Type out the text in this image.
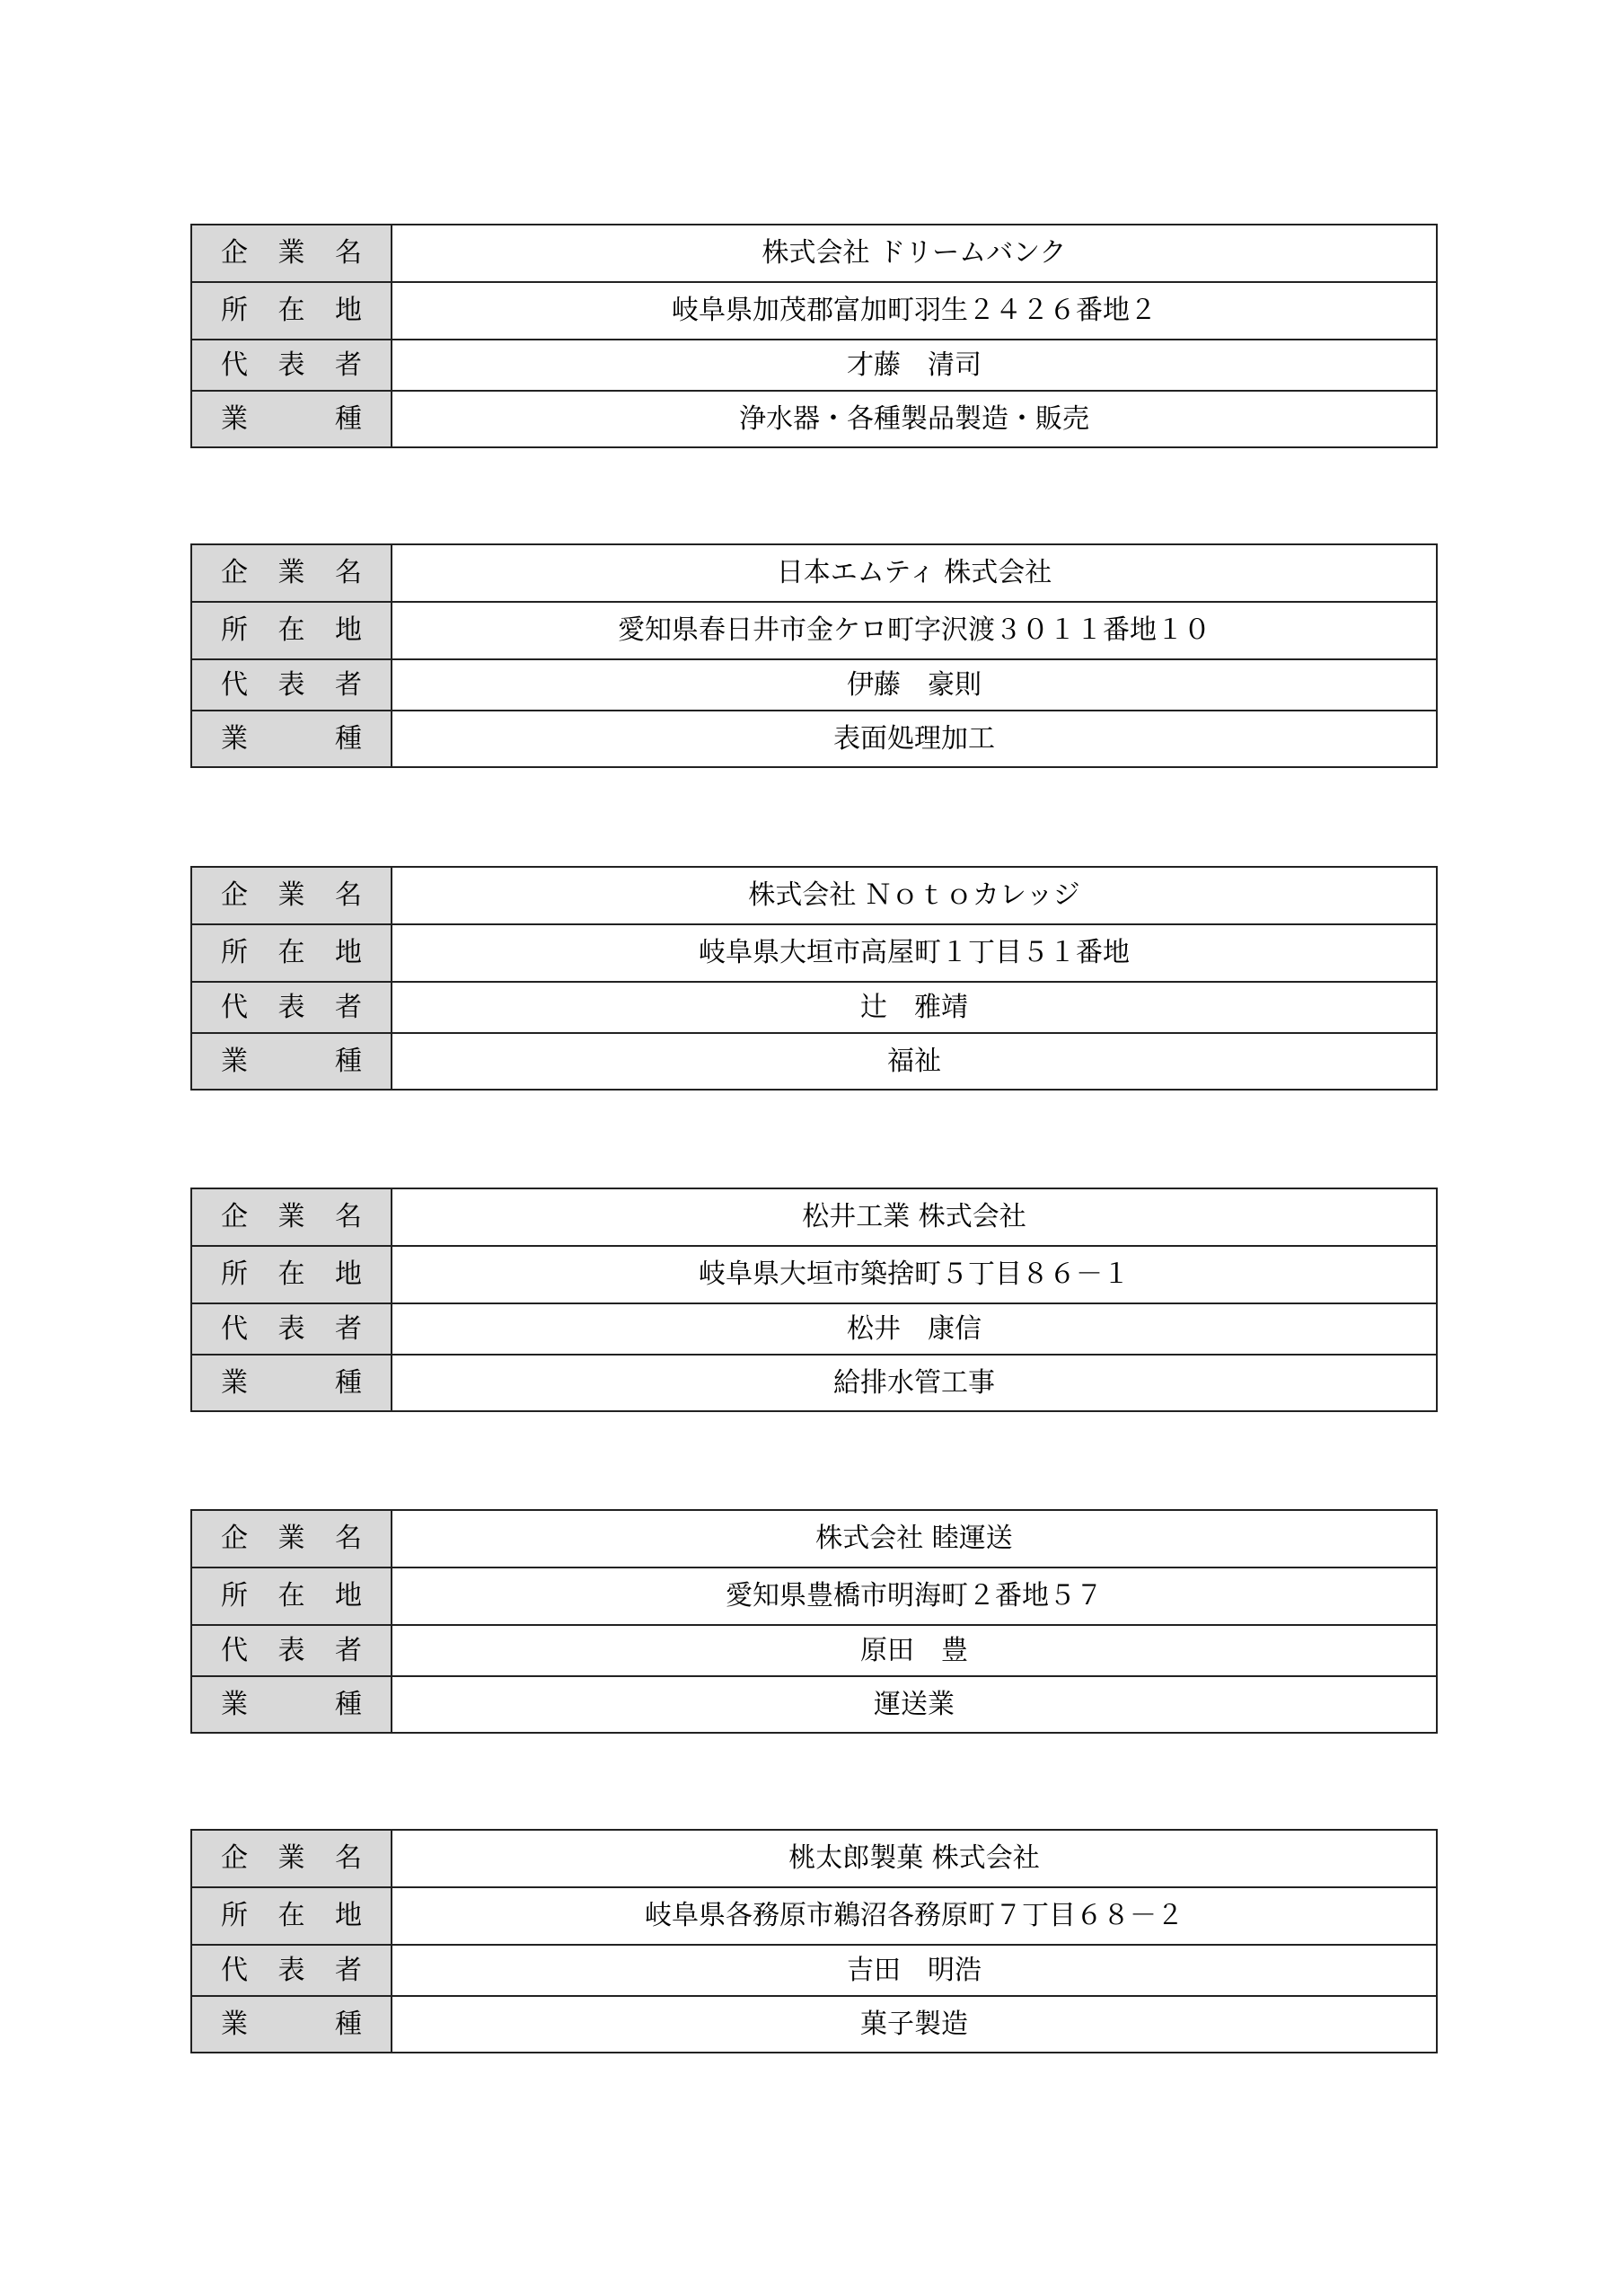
企 業 名	株式会社 ドリームバンク

所 在 地	岐阜県加茂郡富加町羽生２４２６番地２

代 表 者	才藤　清司

業 種	浄水器・各種製品製造・販売
企 業 名	日本エムティ 株式会社

所 在 地	愛知県春日井市金ケロ町字沢渡３０１１番地１０

代 表 者	伊藤　豪則

業 種	表面処理加工
企 業 名	株式会社 Ｎｏｔｏカレッジ

所 在 地	岐阜県大垣市高屋町１丁目５１番地

代 表 者	辻　雅靖

業 種	福祉
企 業 名	松井工業 株式会社

所 在 地	岐阜県大垣市築捨町５丁目８６－１

代 表 者	松井　康信

業 種	給排水管工事
企 業 名	株式会社 睦運送

所 在 地	愛知県豊橋市明海町２番地５７

代 表 者	原田　豊

業 種	運送業
企 業 名	桃太郎製菓 株式会社

所 在 地	岐阜県各務原市鵜沼各務原町７丁目６８－２

代 表 者	吉田　明浩

業 種	菓子製造
